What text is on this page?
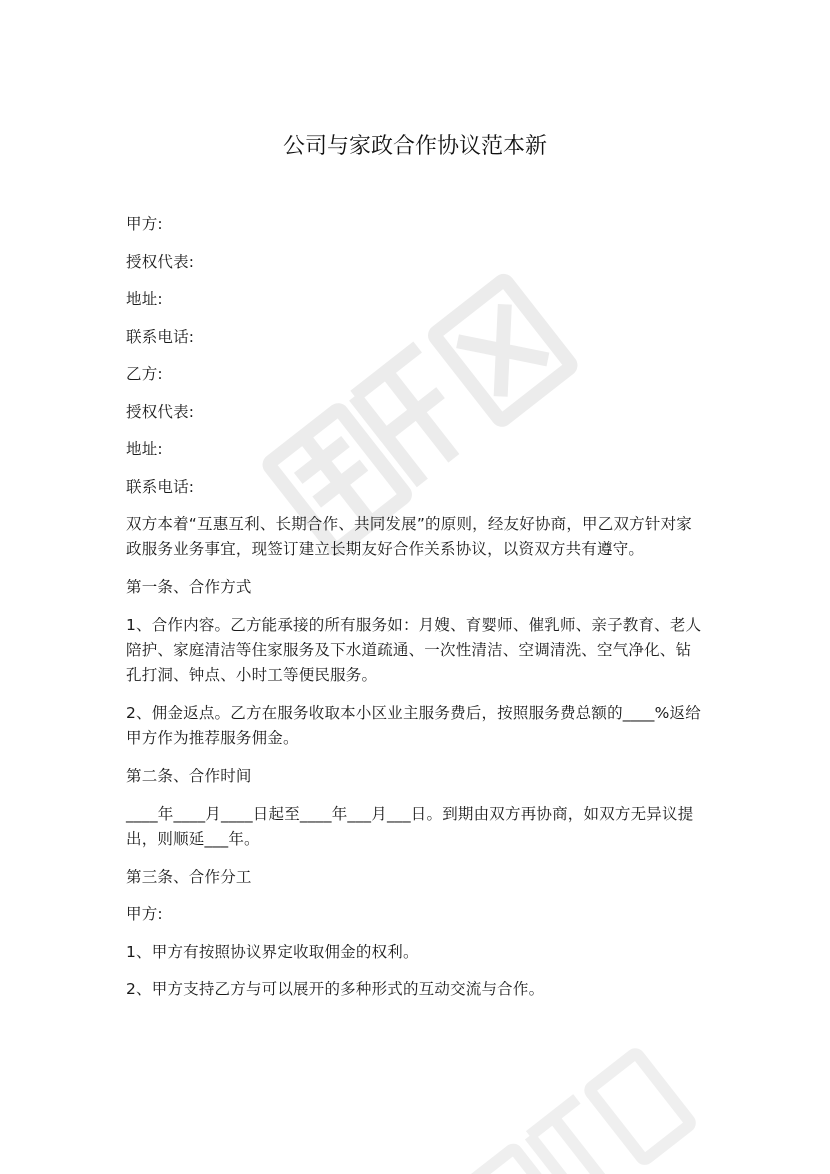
公司与家政合作协议范本新

甲方:

授权代表:

地址:

联系电话:

乙方:

授权代表:

地址:

联系电话:

双方本着“互惠互利、长期合作、共同发展”的原则，经友好协商，甲乙双方针对家政服务业务事宜，现签订建立长期友好合作关系协议，以资双方共有遵守。

第一条、合作方式

1、合作内容。乙方能承接的所有服务如：月嫂、育婴师、催乳师、亲子教育、老人陪护、家庭清洁等住家服务及下水道疏通、一次性清洁、空调清洗、空气净化、钻孔打洞、钟点、小时工等便民服务。

2、佣金返点。乙方在服务收取本小区业主服务费后，按照服务费总额的____%返给甲方作为推荐服务佣金。

第二条、合作时间

____年____月____日起至____年___月___日。到期由双方再协商，如双方无异议提出，则顺延___年。

第三条、合作分工

甲方:

1、甲方有按照协议界定收取佣金的权利。

2、甲方支持乙方与可以展开的多种形式的互动交流与合作。
